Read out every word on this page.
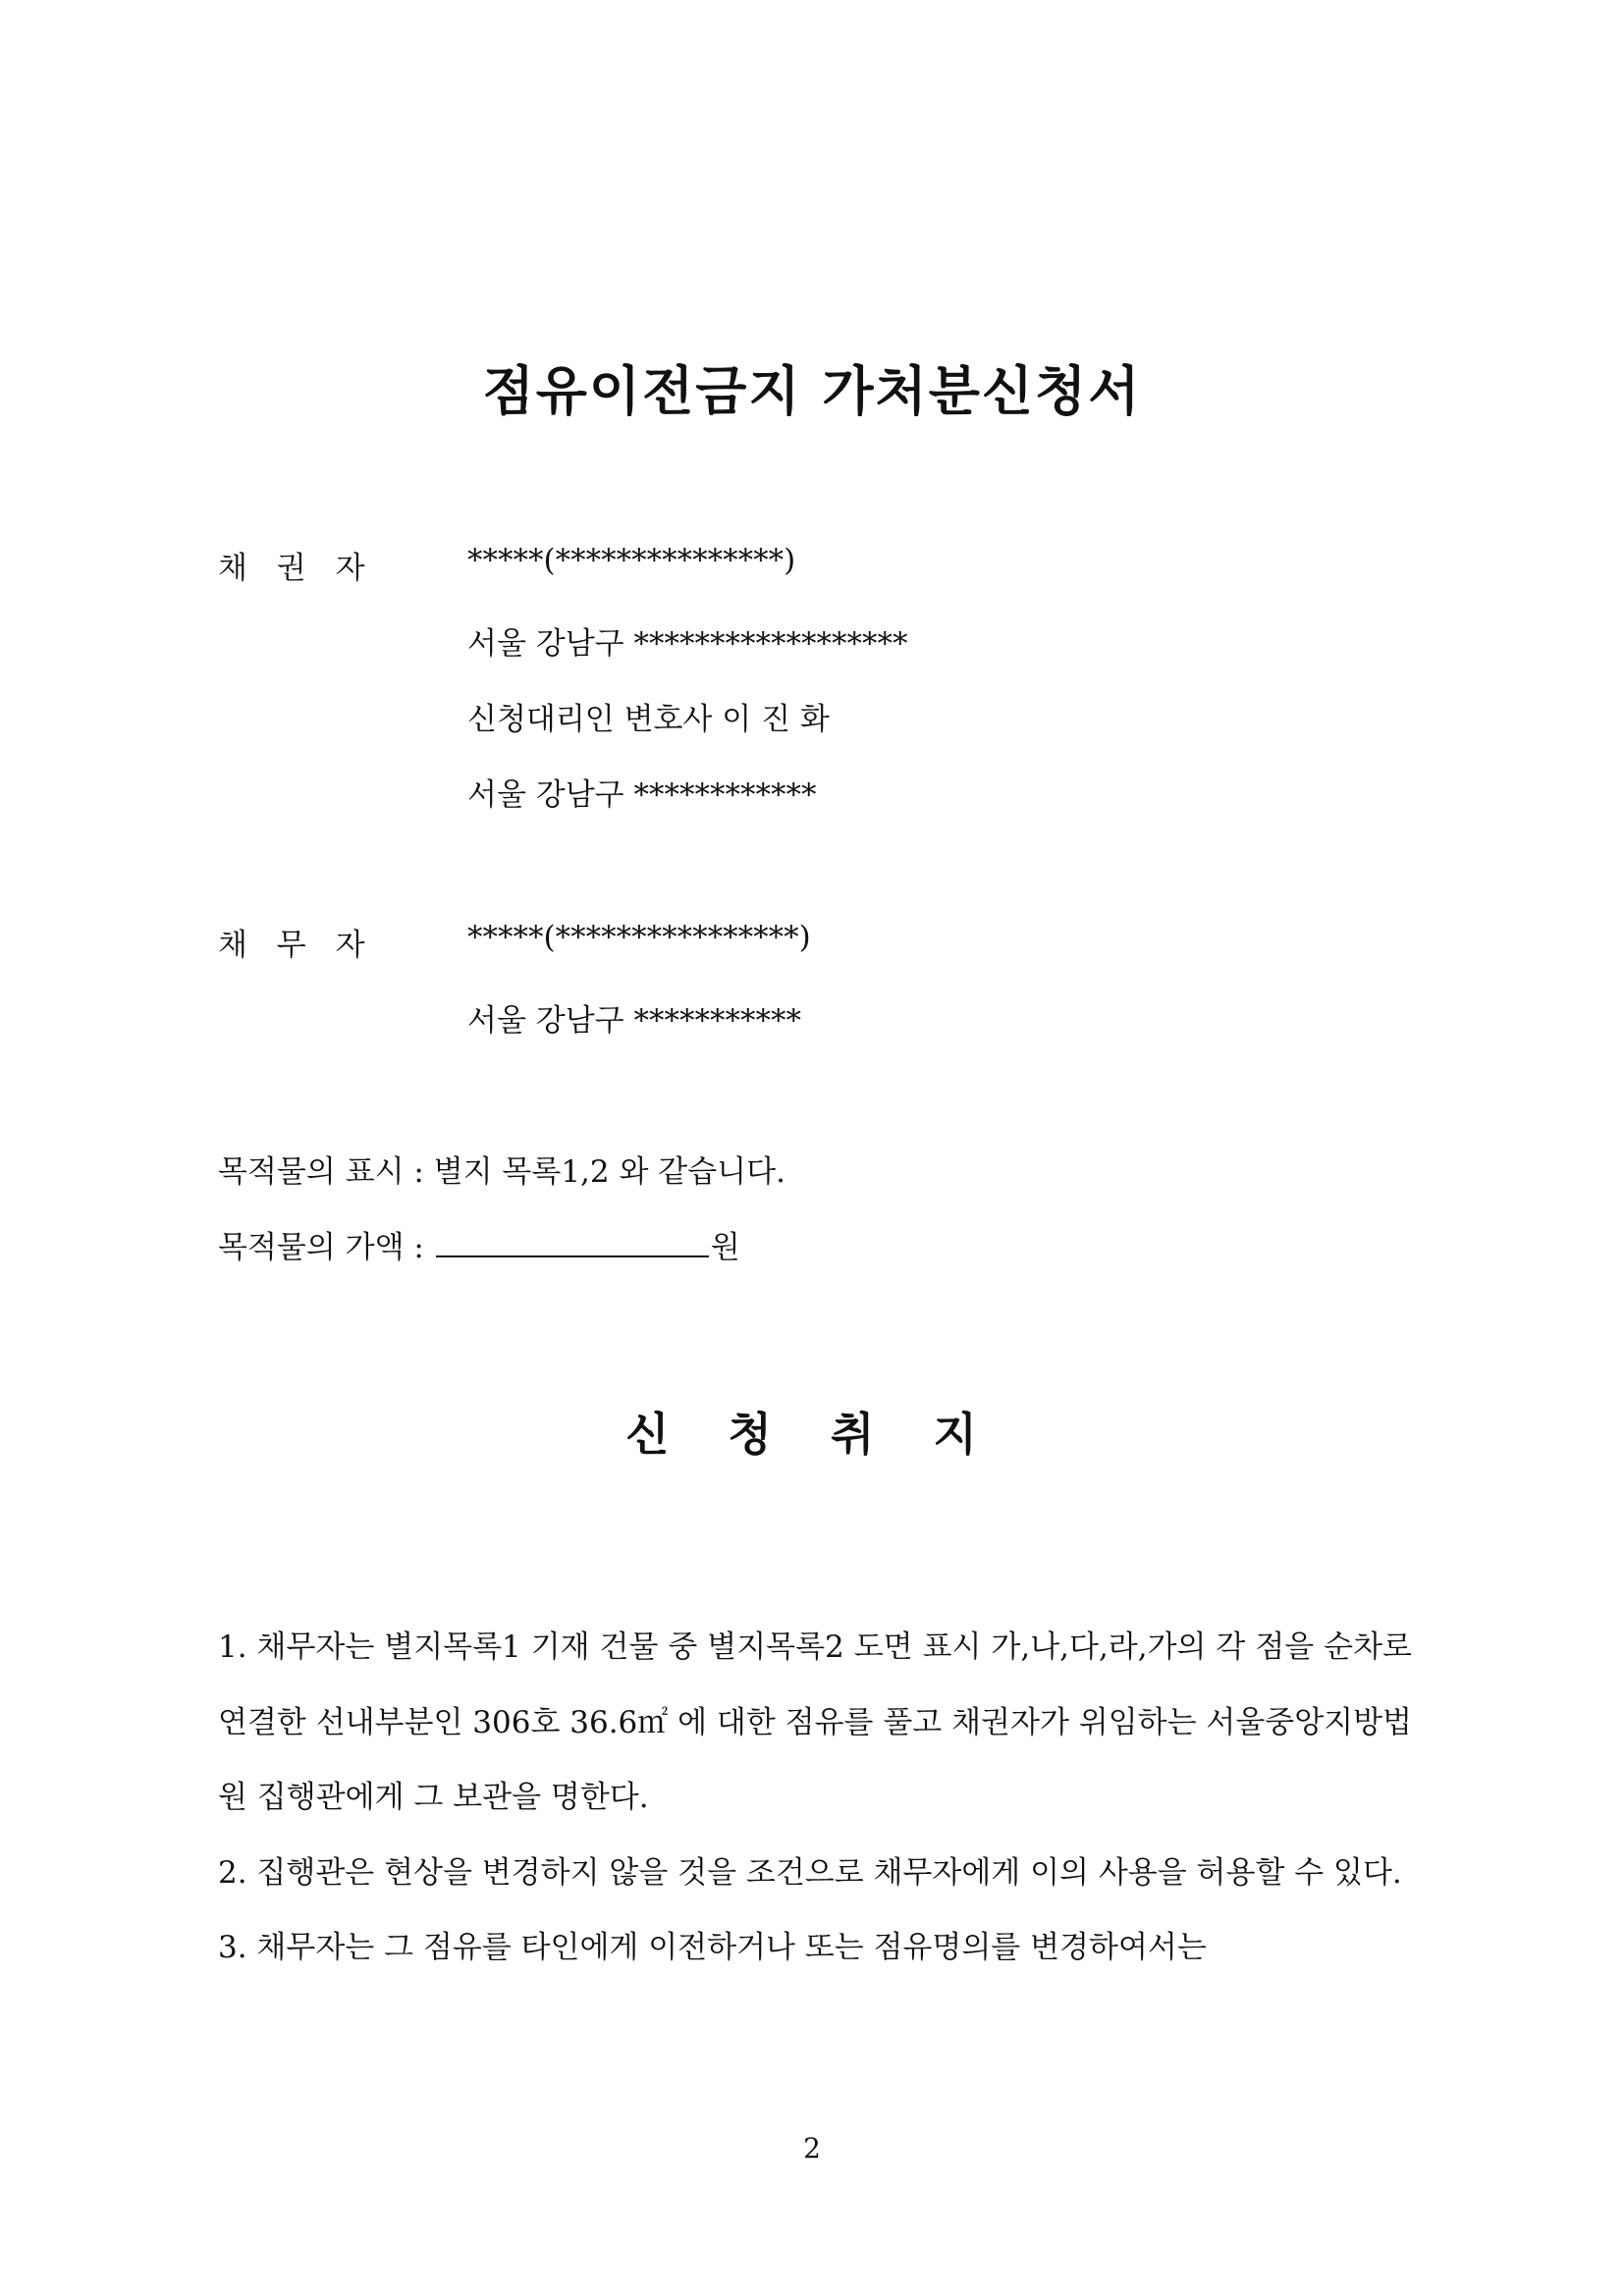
점유이전금지 가처분신청서
채 권 자	*****(***************)
서울 강남구 ******************
신청대리인 변호사 이 진 화
서울 강남구 ************
채 무 자	*****(****************)
서울 강남구 ***********
목적물의 표시 : 별지 목록1,2 와 같습니다.
목적물의 가액 :	원
신 청 취 지

1. 채무자는 별지목록1 기재 건물 중 별지목록2 도면 표시 가,나,다,라,가의 각 점을 순차로 연결한 선내부분인 306호 36.6㎡ 에 대한 점유를 풀고 채권자가 위임하는 서울중앙지방법원 집행관에게 그 보관을 명한다.

2. 집행관은 현상을 변경하지 않을 것을 조건으로 채무자에게 이의 사용을 허용할 수 있다.

3. 채무자는 그 점유를 타인에게 이전하거나 또는 점유명의를 변경하여서는

2
